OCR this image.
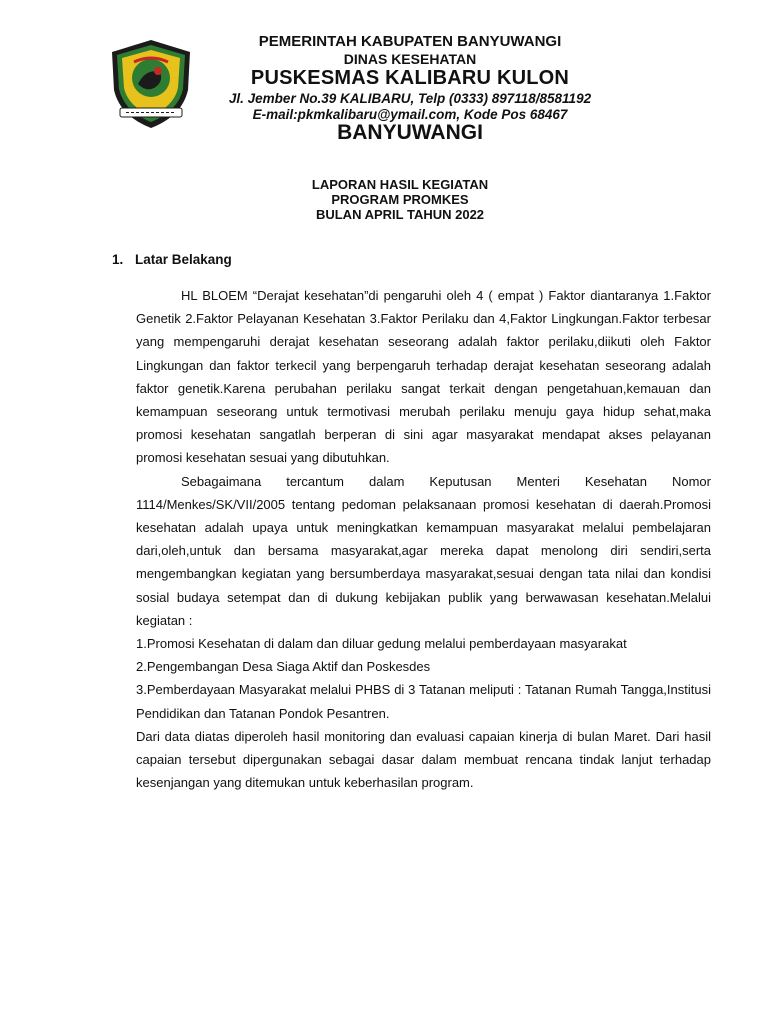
PEMERINTAH KABUPATEN BANYUWANGI
DINAS KESEHATAN
PUSKESMAS KALIBARU KULON
Jl. Jember No.39 KALIBARU, Telp (0333) 897118/8581192
E-mail:pkmkalibaru@ymail.com, Kode Pos 68467
BANYUWANGI
LAPORAN HASIL KEGIATAN
PROGRAM PROMKES
BULAN APRIL TAHUN 2022
1. Latar Belakang

HL BLOEM “Derajat kesehatan”di pengaruhi oleh 4 ( empat ) Faktor diantaranya 1.Faktor Genetik 2.Faktor Pelayanan Kesehatan 3.Faktor Perilaku dan 4,Faktor Lingkungan.Faktor terbesar yang mempengaruhi derajat kesehatan seseorang adalah faktor perilaku,diikuti oleh Faktor Lingkungan dan faktor terkecil yang berpengaruh terhadap derajat kesehatan seseorang adalah faktor genetik.Karena perubahan perilaku sangat terkait dengan pengetahuan,kemauan dan kemampuan seseorang untuk termotivasi merubah perilaku menuju gaya hidup sehat,maka promosi kesehatan sangatlah berperan di sini agar masyarakat mendapat akses pelayanan promosi kesehatan sesuai yang dibutuhkan.

Sebagaimana tercantum dalam Keputusan Menteri Kesehatan Nomor 1114/Menkes/SK/VII/2005 tentang pedoman pelaksanaan promosi kesehatan di daerah.Promosi kesehatan adalah upaya untuk meningkatkan kemampuan masyarakat melalui pembelajaran dari,oleh,untuk dan bersama masyarakat,agar mereka dapat menolong diri sendiri,serta mengembangkan kegiatan yang bersumberdaya masyarakat,sesuai dengan tata nilai dan kondisi sosial budaya setempat dan di dukung kebijakan publik yang berwawasan kesehatan.Melalui kegiatan :

1.Promosi Kesehatan di dalam dan diluar gedung melalui pemberdayaan masyarakat

2.Pengembangan Desa Siaga Aktif dan Poskesdes

3.Pemberdayaan Masyarakat melalui PHBS di 3 Tatanan meliputi : Tatanan Rumah Tangga,Institusi Pendidikan dan Tatanan Pondok Pesantren.

Dari data diatas diperoleh hasil monitoring dan evaluasi capaian kinerja di bulan Maret. Dari hasil capaian tersebut dipergunakan sebagai dasar dalam membuat rencana tindak lanjut terhadap kesenjangan yang ditemukan untuk keberhasilan program.
